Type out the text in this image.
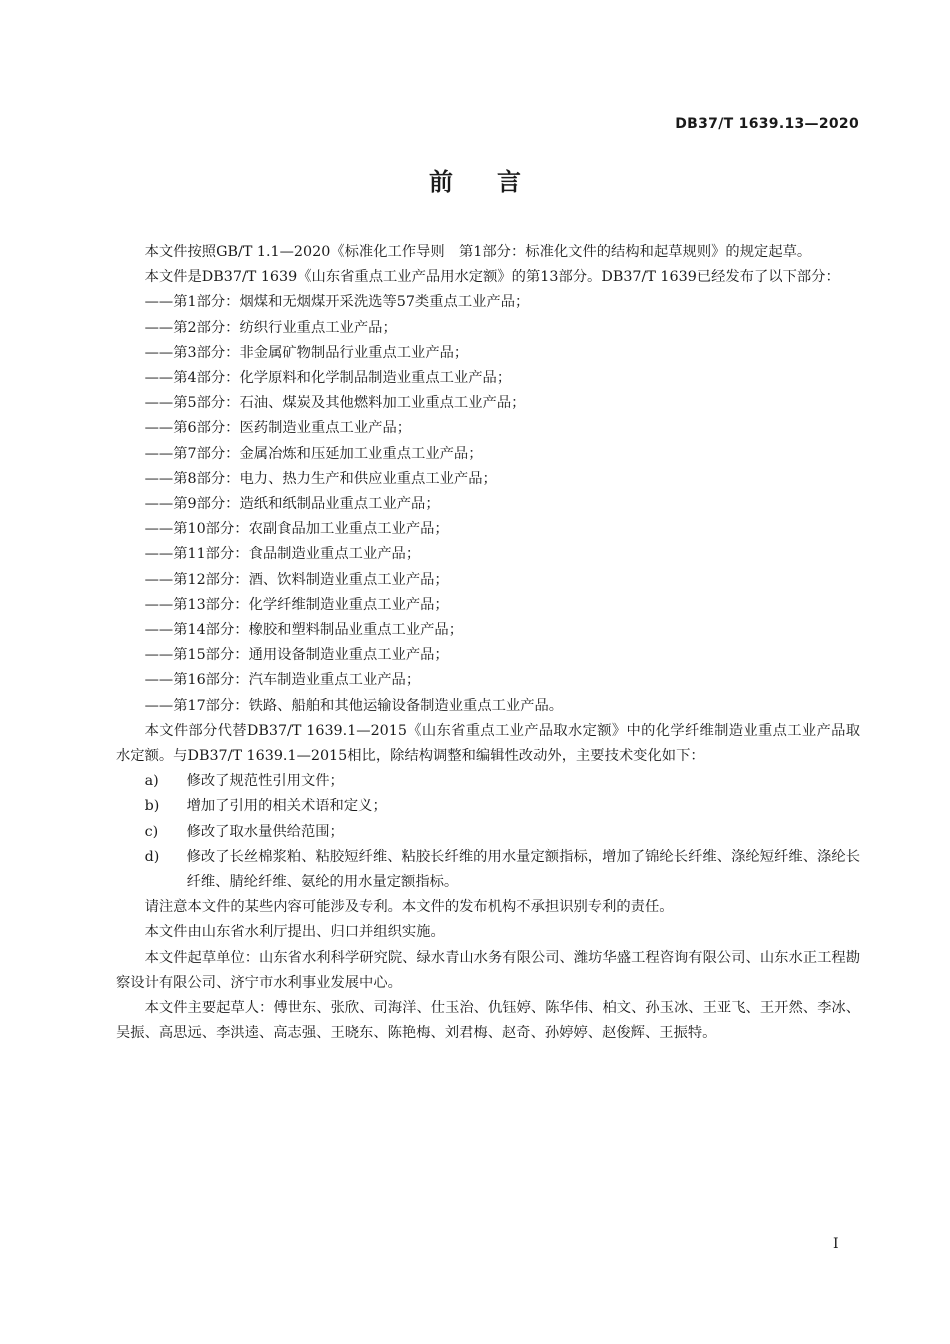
DB37/T 1639.13—2020
前言

本文件按照GB/T 1.1—2020《标准化工作导则　第1部分：标准化文件的结构和起草规则》的规定起草。

本文件是DB37/T 1639《山东省重点工业产品用水定额》的第13部分。DB37/T 1639已经发布了以下部分：

——第1部分：烟煤和无烟煤开采洗选等57类重点工业产品；

——第2部分：纺织行业重点工业产品；

——第3部分：非金属矿物制品行业重点工业产品；

——第4部分：化学原料和化学制品制造业重点工业产品；

——第5部分：石油、煤炭及其他燃料加工业重点工业产品；

——第6部分：医药制造业重点工业产品；

——第7部分：金属冶炼和压延加工业重点工业产品；

——第8部分：电力、热力生产和供应业重点工业产品；

——第9部分：造纸和纸制品业重点工业产品；

——第10部分：农副食品加工业重点工业产品；

——第11部分：食品制造业重点工业产品；

——第12部分：酒、饮料制造业重点工业产品；

——第13部分：化学纤维制造业重点工业产品；

——第14部分：橡胶和塑料制品业重点工业产品；

——第15部分：通用设备制造业重点工业产品；

——第16部分：汽车制造业重点工业产品；

——第17部分：铁路、船舶和其他运输设备制造业重点工业产品。

本文件部分代替DB37/T 1639.1—2015《山东省重点工业产品取水定额》中的化学纤维制造业重点工业产品取水定额。与DB37/T 1639.1—2015相比，除结构调整和编辑性改动外，主要技术变化如下：

a)	修改了规范性引用文件；
b)	增加了引用的相关术语和定义；
c)	修改了取水量供给范围；
d)	修改了长丝棉浆粕、粘胶短纤维、粘胶长纤维的用水量定额指标，增加了锦纶长纤维、涤纶短纤维、涤纶长纤维、腈纶纤维、氨纶的用水量定额指标。

请注意本文件的某些内容可能涉及专利。本文件的发布机构不承担识别专利的责任。

本文件由山东省水利厅提出、归口并组织实施。

本文件起草单位：山东省水利科学研究院、绿水青山水务有限公司、潍坊华盛工程咨询有限公司、山东水正工程勘察设计有限公司、济宁市水利事业发展中心。

本文件主要起草人：傅世东、张欣、司海洋、仕玉治、仇钰婷、陈华伟、柏文、孙玉冰、王亚飞、王开然、李冰、吴振、高思远、李洪逵、高志强、王晓东、陈艳梅、刘君梅、赵奇、孙婷婷、赵俊辉、王振特。

I
